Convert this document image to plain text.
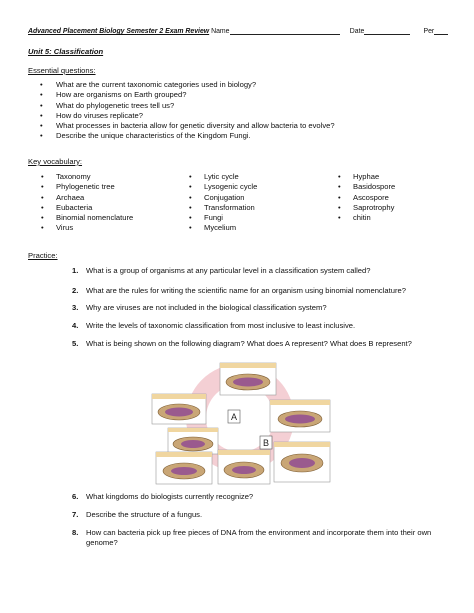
Advanced Placement Biology Semester 2 Exam Review Name	Date	Per
Unit 5: Classification
Essential questions:
• What are the current taxonomic categories used in biology?
• How are organisms on Earth grouped?
• What do phylogenetic trees tell us?
• How do viruses replicate?
• What processes in bacteria allow for genetic diversity and allow bacteria to evolve?
• Describe the unique characteristics of the Kingdom Fungi.
Key vocabulary:
• Taxonomy
• Phylogenetic tree
• Archaea
• Eubacteria
• Binomial nomenclature
• Virus
• Lytic cycle
• Lysogenic cycle
• Conjugation
• Transformation
• Fungi
• Mycelium
• Hyphae
• Basidospore
• Ascospore
• Saprotrophy
• chitin
Practice:
1. What is a group of organisms at any particular level in a classification system called?
2. What are the rules for writing the scientific name for an organism using binomial nomenclature?
3. Why are viruses are not included in the biological classification system?
4. Write the levels of taxonomic classification from most inclusive to least inclusive.
5. What is being shown on the following diagram? What does A represent? What does B represent?
A
B
6. What kingdoms do biologists currently recognize?
7. Describe the structure of a fungus.
8. How can bacteria pick up free pieces of DNA from the environment and incorporate them into their own genome?
